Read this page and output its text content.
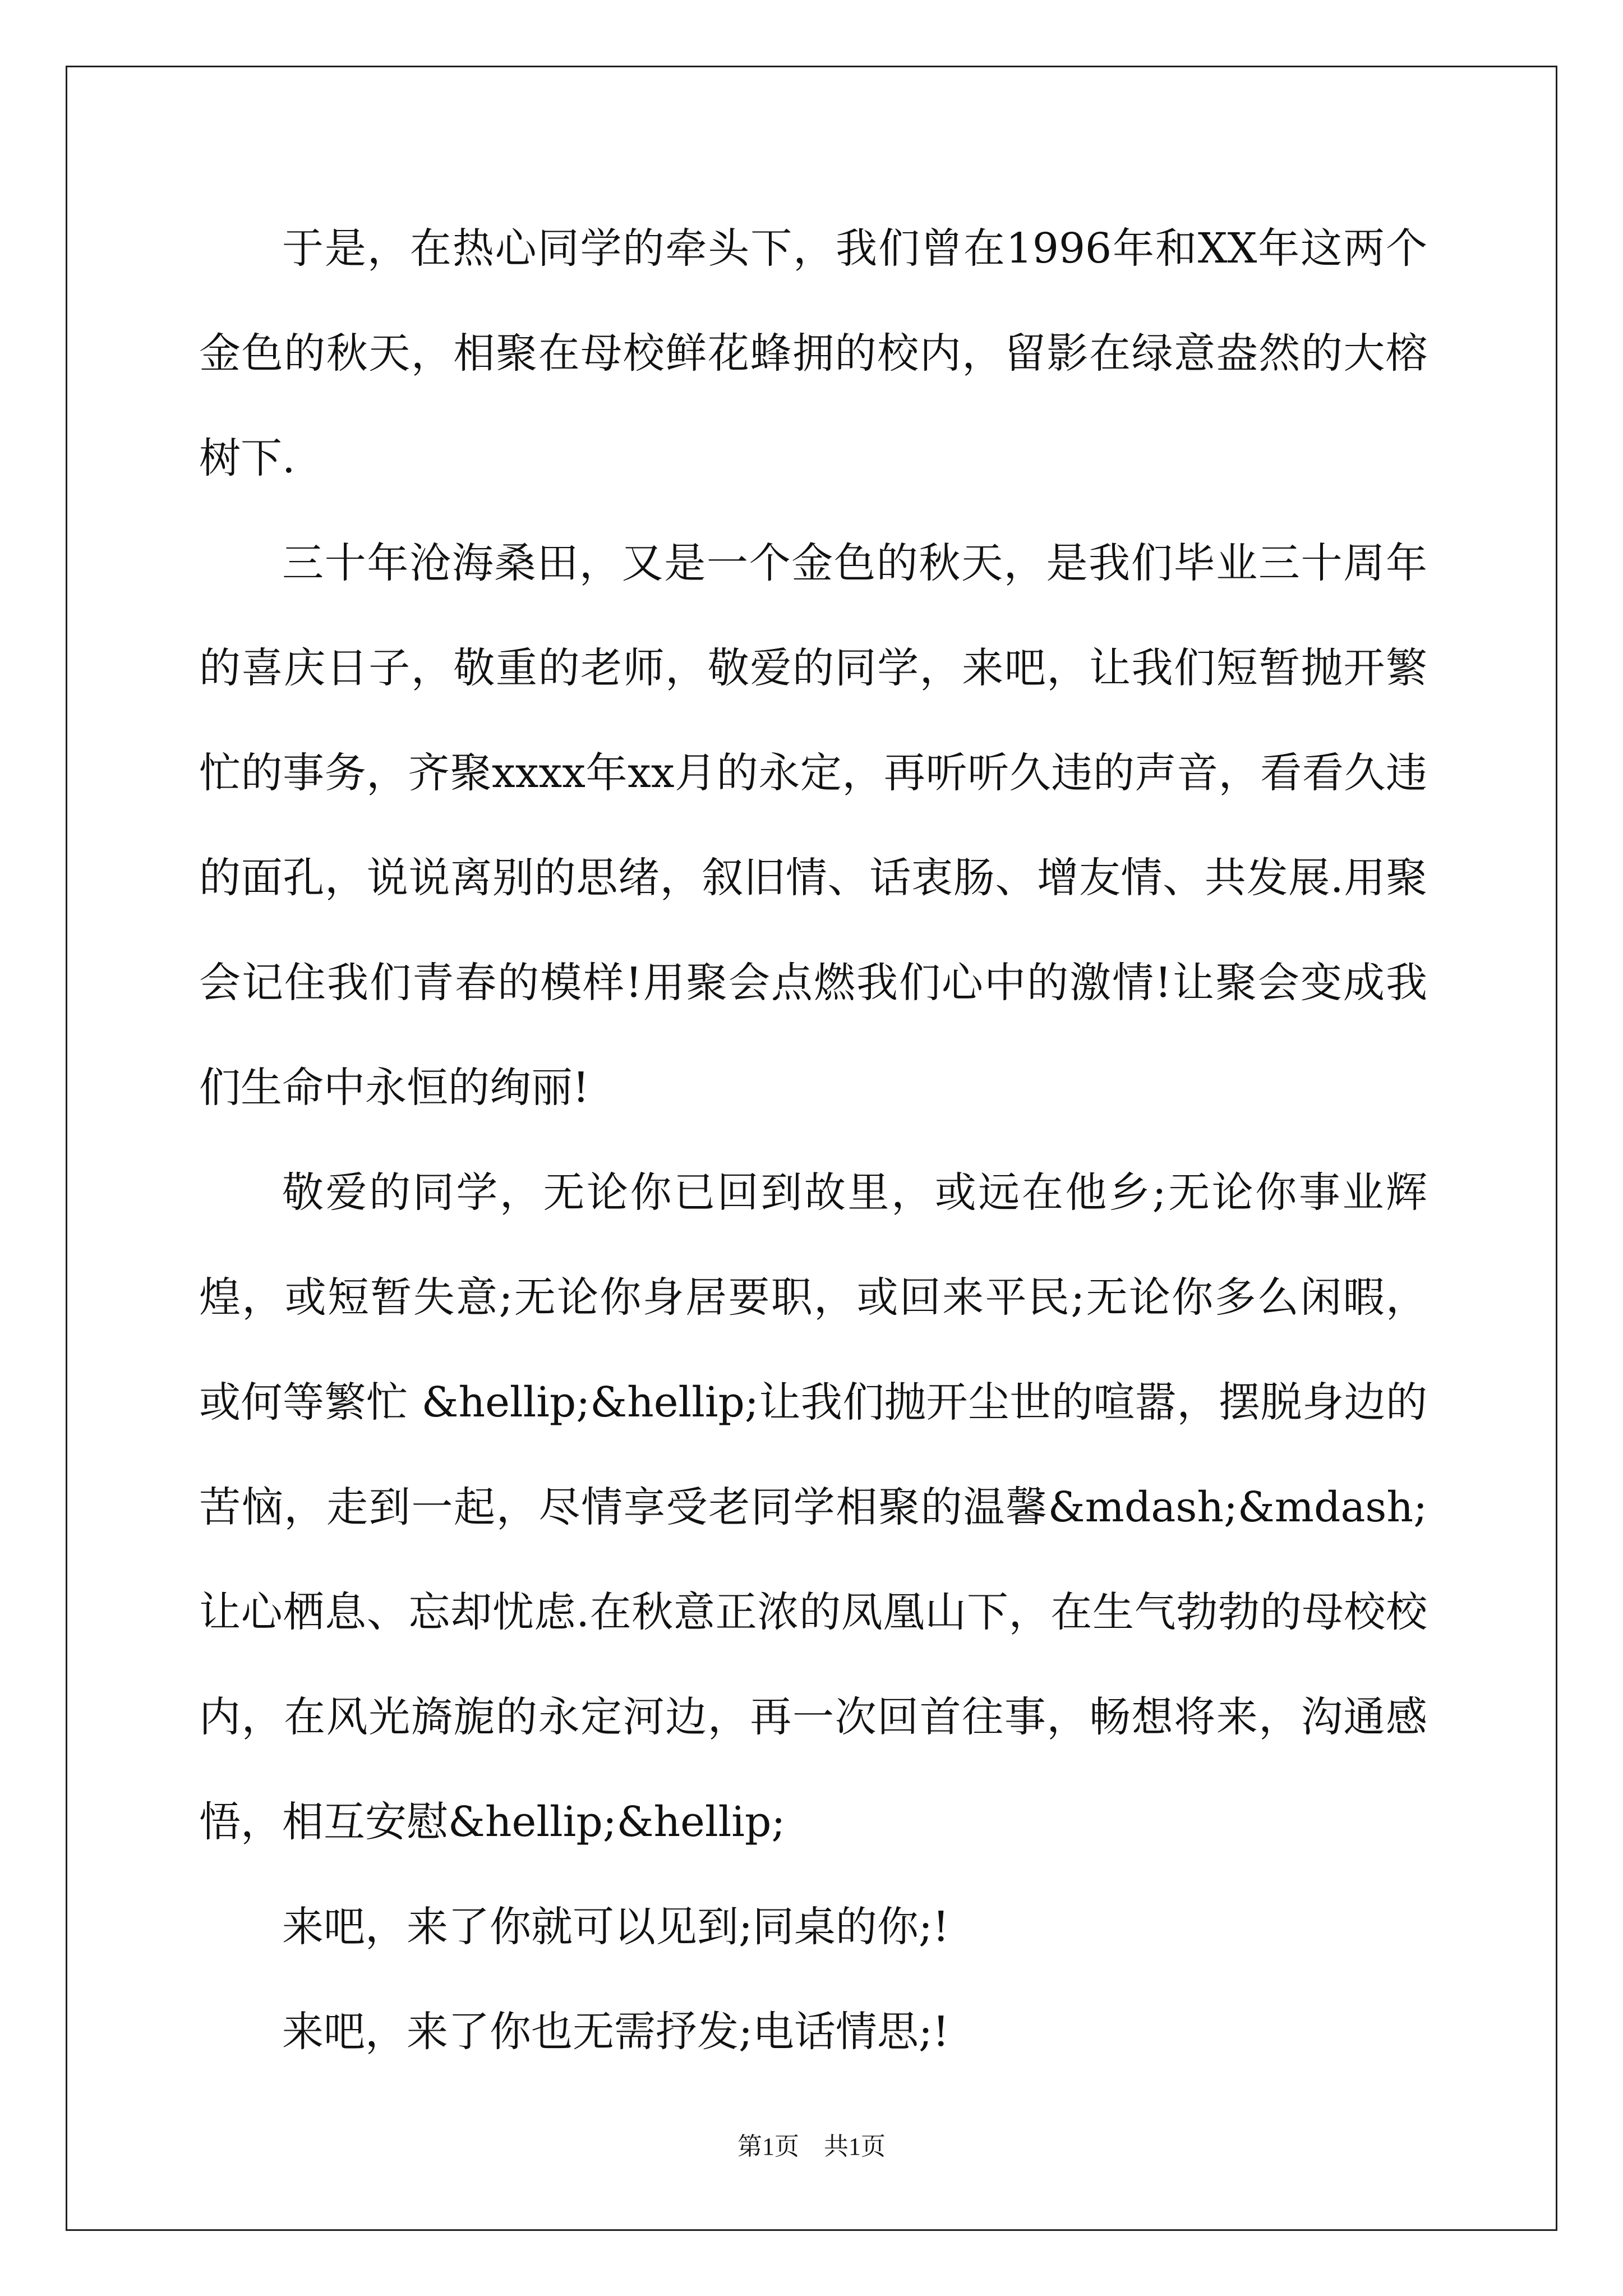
于是，在热心同学的牵头下，我们曾在1996年和XX年这两个金色的秋天，相聚在母校鲜花蜂拥的校内，留影在绿意盎然的大榕树下.

三十年沧海桑田，又是一个金色的秋天，是我们毕业三十周年的喜庆日子，敬重的老师，敬爱的同学，来吧，让我们短暂抛开繁忙的事务，齐聚xxxx年xx月的永定，再听听久违的声音，看看久违的面孔，说说离别的思绪，叙旧情、话衷肠、增友情、共发展.用聚会记住我们青春的模样!用聚会点燃我们心中的激情!让聚会变成我们生命中永恒的绚丽!

敬爱的同学，无论你已回到故里，或远在他乡;无论你事业辉煌，或短暂失意;无论你身居要职，或回来平民;无论你多么闲暇，或何等繁忙 &hellip;&hellip;让我们抛开尘世的喧嚣，摆脱身边的苦恼，走到一起，尽情享受老同学相聚的温馨&mdash;&mdash;让心栖息、忘却忧虑.在秋意正浓的凤凰山下，在生气勃勃的母校校内，在风光旖旎的永定河边，再一次回首往事，畅想将来，沟通感悟，相互安慰&hellip;&hellip;

来吧，来了你就可以见到;同桌的你;!

来吧，来了你也无需抒发;电话情思;!

第1页　共1页
